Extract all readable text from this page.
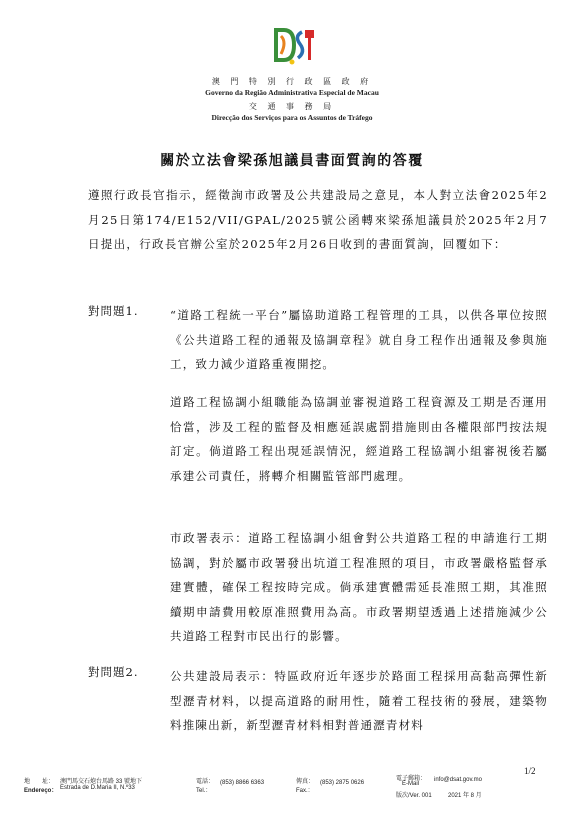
澳 門 特 別 行 政 區 政 府
Governo da Região Administrativa Especial de Macau
交 通 事 務 局
Direcção dos Serviços para os Assuntos de Tráfego
關於立法會梁孫旭議員書面質詢的答覆
遵照行政長官指示，經徵詢市政署及公共建設局之意見，本人對立法會2025年2月25日第174/E152/VII/GPAL/2025號公函轉來梁孫旭議員於2025年2月7日提出，行政長官辦公室於2025年2月26日收到的書面質詢，回覆如下：
對問題1.	“道路工程統一平台”屬協助道路工程管理的工具，以供各單位按照《公共道路工程的通報及協調章程》就自身工程作出通報及參與施工，致力減少道路重複開挖。
道路工程協調小組職能為協調並審視道路工程資源及工期是否運用恰當，涉及工程的監督及相應延誤處罰措施則由各權限部門按法規訂定。倘道路工程出現延誤情況，經道路工程協調小組審視後若屬承建公司責任，將轉介相關監管部門處理。
市政署表示：道路工程協調小組會對公共道路工程的申請進行工期協調，對於屬市政署發出坑道工程准照的項目，市政署嚴格監督承建實體，確保工程按時完成。倘承建實體需延長准照工期，其准照續期申請費用較原准照費用為高。市政署期望透過上述措施減少公共道路工程對市民出行的影響。
對問題2.	公共建設局表示：特區政府近年逐步於路面工程採用高黏高彈性新型瀝青材料，以提高道路的耐用性，隨着工程技術的發展，建築物料推陳出新，新型瀝青材料相對普通瀝青材料
1/2
地　　址： 澳門馬交石炮台馬路 33 號地下
Endereço： Estrada de D.Maria II, N.º33
電話：
Tel.：
(853) 8866 6363	傳真：
Fax.：
(853) 2875 0626
電子郵箱：
E-Mail
info@dsat.gov.mo
版次/Ver. 001	2021 年 8 月
